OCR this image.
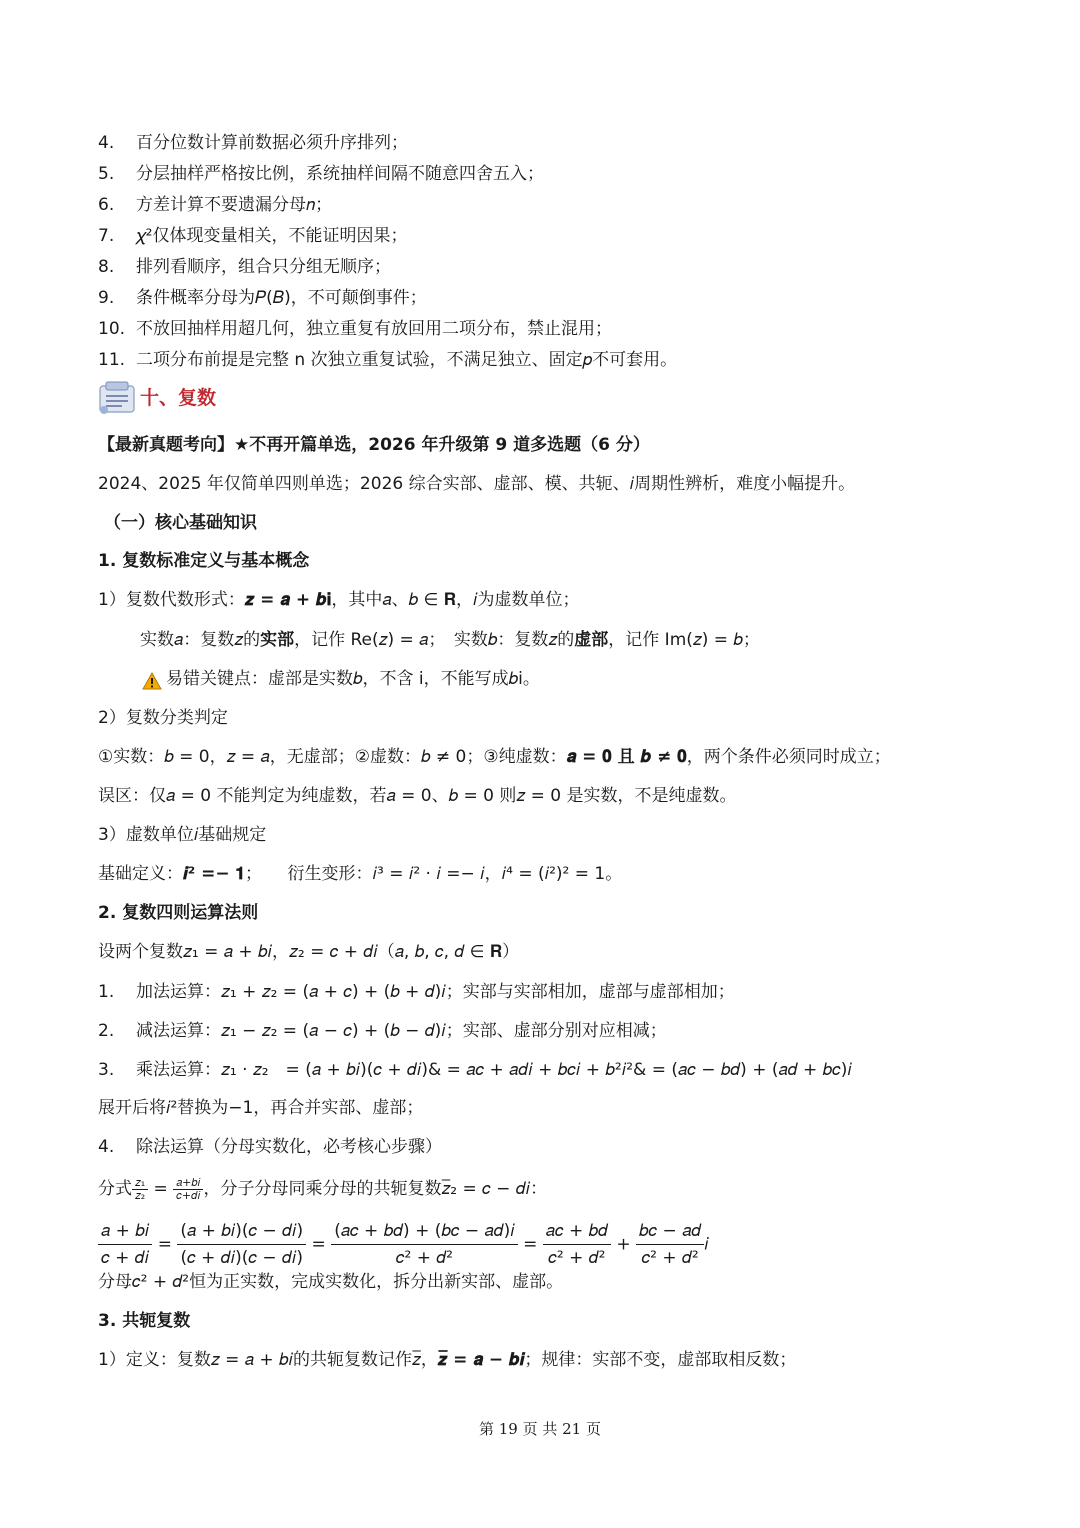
4. 百分位数计算前数据必须升序排列；
5. 分层抽样严格按比例，系统抽样间隔不随意四舍五入；
6. 方差计算不要遗漏分母𝑛；
7. 𝜒²仅体现变量相关，不能证明因果；
8. 排列看顺序，组合只分组无顺序；
9. 条件概率分母为𝑃(𝐵)，不可颠倒事件；
10. 不放回抽样用超几何，独立重复有放回用二项分布，禁止混用；
11. 二项分布前提是完整 n 次独立重复试验，不满足独立、固定𝑝不可套用。
十、复数
【最新真题考向】★不再开篇单选，2026 年升级第 9 道多选题（6 分）
2024、2025 年仅简单四则单选；2026 综合实部、虚部、模、共轭、𝑖周期性辨析，难度小幅提升。
（一）核心基础知识
1. 复数标准定义与基本概念
1）复数代数形式：𝒛 = 𝒂 + 𝒃𝐢，其中𝑎、𝑏 ∈ 𝐑，𝑖为虚数单位；
实数𝑎：复数𝑧的实部，记作 Re(𝑧) = 𝑎；　实数𝑏：复数𝑧的虚部，记作 Im(𝑧) = 𝑏；
易错关键点：虚部是实数𝑏，不含 i，不能写成𝑏i。
2）复数分类判定
①实数：𝑏 = 0，𝑧 = 𝑎，无虚部；②虚数：𝑏 ≠ 0；③纯虚数：𝒂 = 𝟎 且 𝒃 ≠ 𝟎，两个条件必须同时成立；
误区：仅𝑎 = 0 不能判定为纯虚数，若𝑎 = 0、𝑏 = 0 则𝑧 = 0 是实数，不是纯虚数。
3）虚数单位𝑖基础规定
基础定义：𝒊² =− 𝟏；　　衍生变形：𝑖³ = 𝑖² · 𝑖 =− 𝑖，𝑖⁴ = (𝑖²)² = 1。
2. 复数四则运算法则
设两个复数𝑧₁ = 𝑎 + 𝑏𝑖，𝑧₂ = 𝑐 + 𝑑𝑖（𝑎, 𝑏, 𝑐, 𝑑 ∈ 𝐑）
1. 加法运算：𝑧₁ + 𝑧₂ = (𝑎 + 𝑐) + (𝑏 + 𝑑)𝑖；实部与实部相加，虚部与虚部相加；
2. 减法运算：𝑧₁ − 𝑧₂ = (𝑎 − 𝑐) + (𝑏 − 𝑑)𝑖；实部、虚部分别对应相减；
3. 乘法运算：𝑧₁ · 𝑧₂　= (𝑎 + 𝑏𝑖)(𝑐 + 𝑑𝑖)& = 𝑎𝑐 + 𝑎𝑑𝑖 + 𝑏𝑐𝑖 + 𝑏²𝑖²& = (𝑎𝑐 − 𝑏𝑑) + (𝑎𝑑 + 𝑏𝑐)𝑖
展开后将𝑖²替换为−1，再合并实部、虚部；
4. 除法运算（分母实数化，必考核心步骤）
分式 $\frac{\text{𝑧₁}}{\text{𝑧₂}} = \frac{\text{𝑎+𝑏𝑖}}{\text{𝑐+𝑑𝑖}}$ ，分子分母同乘分母的共轭复数𝑧̅₂ = 𝑐 − 𝑑𝑖：
$\frac{\text{𝑎 + 𝑏𝑖}}{\text{𝑐 + 𝑑𝑖}} = \frac{\text{(𝑎 + 𝑏𝑖)(𝑐 − 𝑑𝑖)}}{\text{(𝑐 + 𝑑𝑖)(𝑐 − 𝑑𝑖)}} = \frac{\text{(𝑎𝑐 + 𝑏𝑑) + (𝑏𝑐 − 𝑎𝑑)𝑖}}{\text{𝑐² + 𝑑²}} = \frac{\text{𝑎𝑐 + 𝑏𝑑}}{\text{𝑐² + 𝑑²}} + \frac{\text{𝑏𝑐 − 𝑎𝑑}}{\text{𝑐² + 𝑑²}}$ 𝑖
分母𝑐² + 𝑑²恒为正实数，完成实数化，拆分出新实部、虚部。
3. 共轭复数
1）定义：复数𝑧 = 𝑎 + 𝑏𝑖的共轭复数记作𝑧̅，𝒛̅ = 𝒂 − 𝒃𝒊；规律：实部不变，虚部取相反数；
第 19 页 共 21 页
